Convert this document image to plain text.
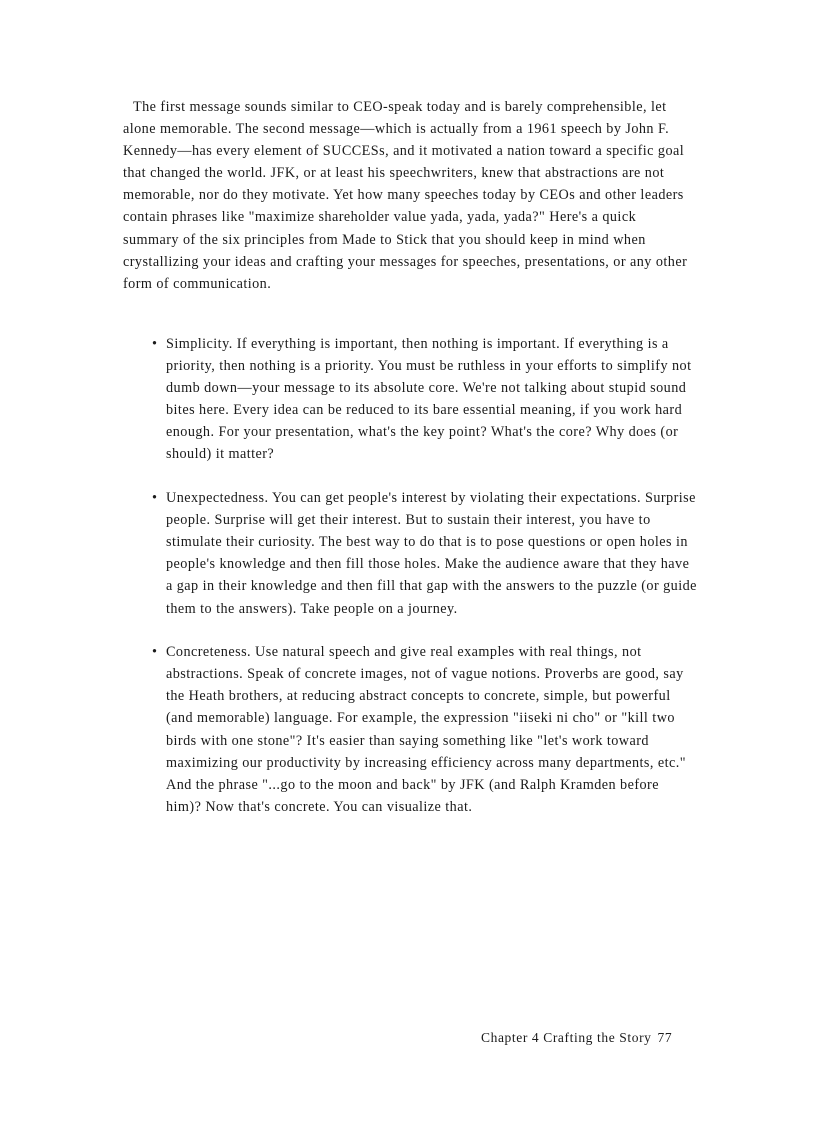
The first message sounds similar to CEO-speak today and is barely comprehensible, let alone memorable. The second message—which is actually from a 1961 speech by John F. Kennedy—has every element of SUCCESs, and it motivated a nation toward a specific goal that changed the world. JFK, or at least his speechwriters, knew that abstractions are not memorable, nor do they motivate. Yet how many speeches today by CEOs and other leaders contain phrases like "maximize shareholder value yada, yada, yada?" Here's a quick summary of the six principles from Made to Stick that you should keep in mind when crystallizing your ideas and crafting your messages for speeches, presentations, or any other form of communication.

• Simplicity. If everything is important, then nothing is important. If everything is a priority, then nothing is a priority. You must be ruthless in your efforts to simplify not dumb down—your message to its absolute core. We're not talking about stupid sound bites here. Every idea can be reduced to its bare essential meaning, if you work hard enough. For your presentation, what's the key point? What's the core? Why does (or should) it matter?
• Unexpectedness. You can get people's interest by violating their expectations. Surprise people. Surprise will get their interest. But to sustain their interest, you have to stimulate their curiosity. The best way to do that is to pose questions or open holes in people's knowledge and then fill those holes. Make the audience aware that they have a gap in their knowledge and then fill that gap with the answers to the puzzle (or guide them to the answers). Take people on a journey.
• Concreteness. Use natural speech and give real examples with real things, not abstractions. Speak of concrete images, not of vague notions. Proverbs are good, say the Heath brothers, at reducing abstract concepts to concrete, simple, but powerful (and memorable) language. For example, the expression "iiseki ni cho" or "kill two birds with one stone"? It's easier than saying something like "let's work toward maximizing our productivity by increasing efficiency across many departments, etc." And the phrase "...go to the moon and back" by JFK (and Ralph Kramden before him)? Now that's concrete. You can visualize that.
Chapter 4 Crafting the Story 77
